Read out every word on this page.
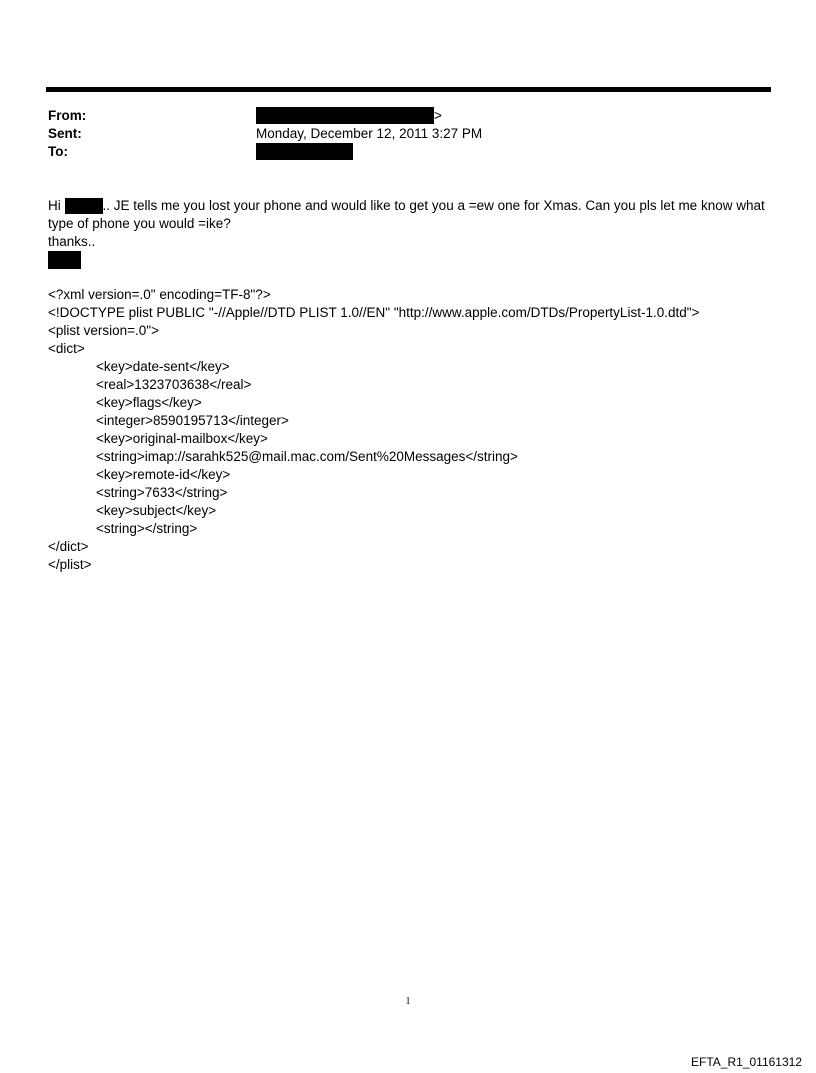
From:	>
Sent:	Monday, December 12, 2011 3:27 PM
To:
Hi	.. JE tells me you lost your phone and would like to get you a =ew one for Xmas. Can you pls let me know what
type of phone you would =ike?
thanks..
<?xml version=.0" encoding=TF-8"?>
<!DOCTYPE plist PUBLIC "-//Apple//DTD PLIST 1.0//EN" "http://www.apple.com/DTDs/PropertyList-1.0.dtd">
<plist version=.0">
<dict>
<key>date-sent</key>
<real>1323703638</real>
<key>flags</key>
<integer>8590195713</integer>
<key>original-mailbox</key>
<string>imap://sarahk525@mail.mac.com/Sent%20Messages</string>
<key>remote-id</key>
<string>7633</string>
<key>subject</key>
<string></string>
</dict>
</plist>
1
EFTA_R1_01161312
